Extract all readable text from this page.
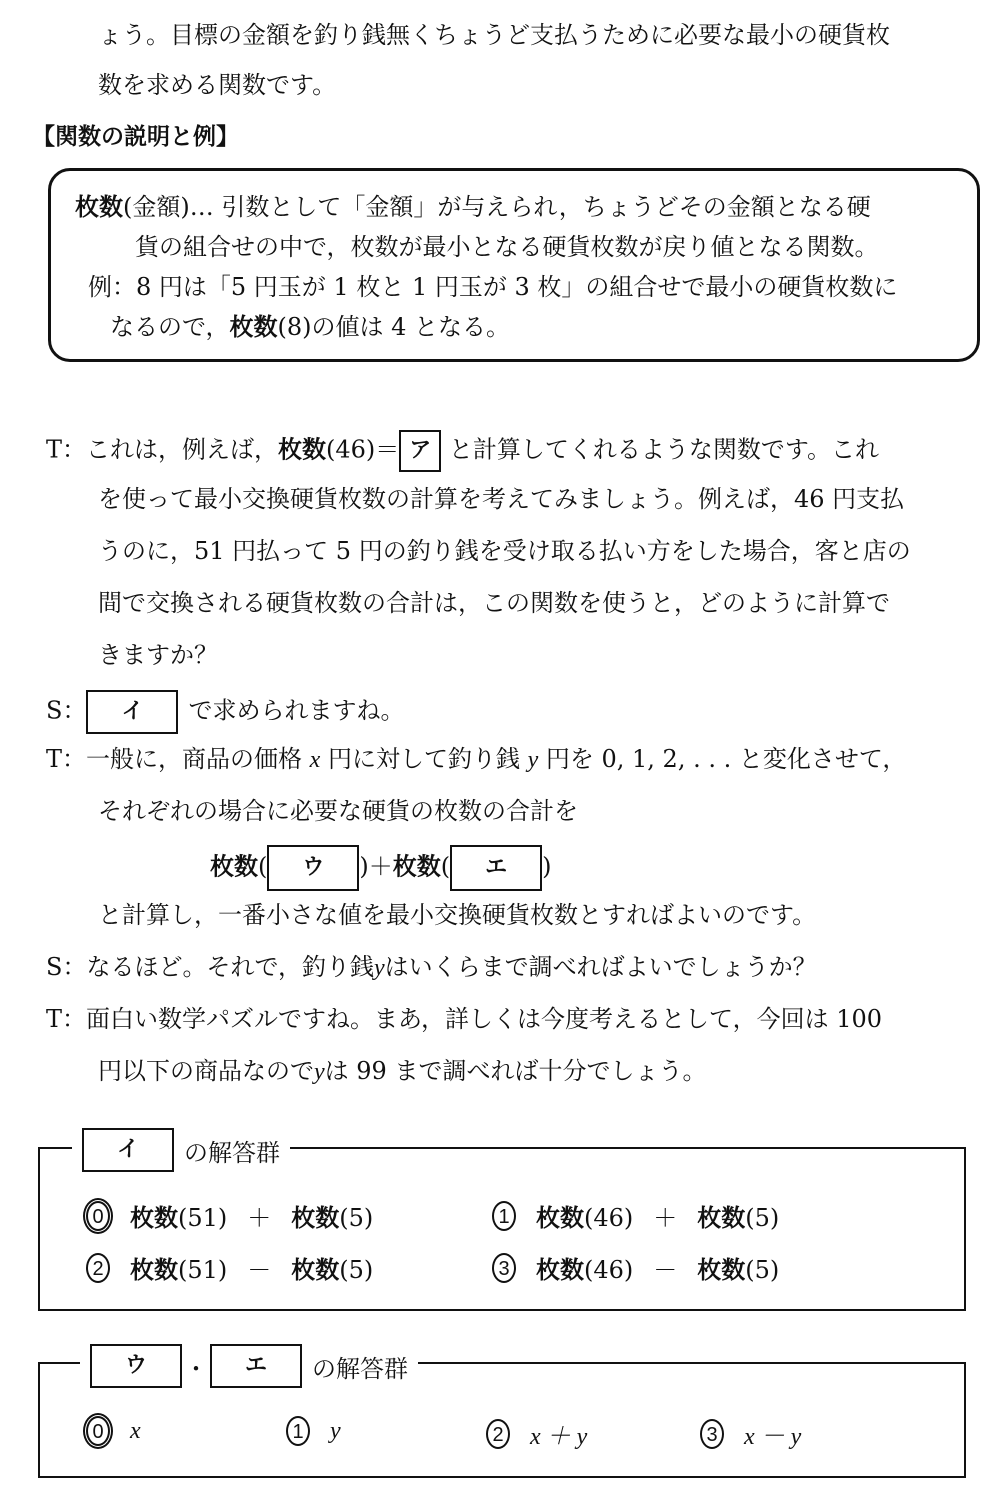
ょう。目標の金額を釣り銭無くちょうど支払うために必要な最小の硬貨枚
数を求める関数です。
【関数の説明と例】
枚数(金額)… 引数として「金額」が与えられ，ちょうどその金額となる硬
貨の組合せの中で，枚数が最小となる硬貨枚数が戻り値となる関数。
例：8 円は「5 円玉が 1 枚と 1 円玉が 3 枚」の組合せで最小の硬貨枚数に
なるので，枚数(8)の値は 4 となる。
T：これは，例えば，枚数(46)＝ ア と計算してくれるような関数です。これ
を使って最小交換硬貨枚数の計算を考えてみましょう。例えば，46 円支払
うのに，51 円払って 5 円の釣り銭を受け取る払い方をした場合，客と店の
間で交換される硬貨枚数の合計は，この関数を使うと，どのように計算で
きますか？
S： イ で求められますね。
T：一般に，商品の価格 x 円に対して釣り銭 y 円を 0, 1, 2, . . . と変化させて，
それぞれの場合に必要な硬貨の枚数の合計を
枚数( ウ )＋枚数( エ )
と計算し，一番小さな値を最小交換硬貨枚数とすればよいのです。
S：なるほど。それで，釣り銭yはいくらまで調べればよいでしょうか？
T：面白い数学パズルですね。まあ，詳しくは今度考えるとして，今回は 100
円以下の商品なのでyは 99 まで調べれば十分でしょう。
イ	の解答群
0 枚数(51) ＋ 枚数(5)	1 枚数(46) ＋ 枚数(5)
2 枚数(51) － 枚数(5)	3 枚数(46) － 枚数(5)
ウ	・	エ	の解答群
0 x	1 y	2 x ＋ y	3 x － y
